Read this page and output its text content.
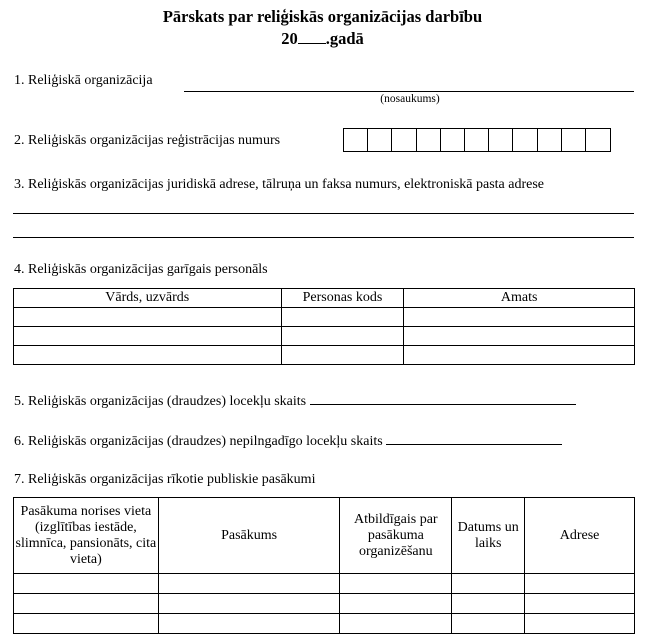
Pārskats par reliģiskās organizācijas darbību
20 .gadā
1. Reliģiskā organizācija
(nosaukums)
2. Reliģiskās organizācijas reģistrācijas numurs
3. Reliģiskās organizācijas juridiskā adrese, tālruņa un faksa numurs, elektroniskā pasta adrese
4. Reliģiskās organizācijas garīgais personāls
Vārds, uzvārds	Personas kods	Amats

5. Reliģiskās organizācijas (draudzes) locekļu skaits
6. Reliģiskās organizācijas (draudzes) nepilngadīgo locekļu skaits
7. Reliģiskās organizācijas rīkotie publiskie pasākumi
Pasākuma norises vieta (izglītības iestāde, slimnīca, pansionāts, cita vieta)	Pasākums	Atbildīgais par pasākuma organizēšanu	Datums un laiks	Adrese
